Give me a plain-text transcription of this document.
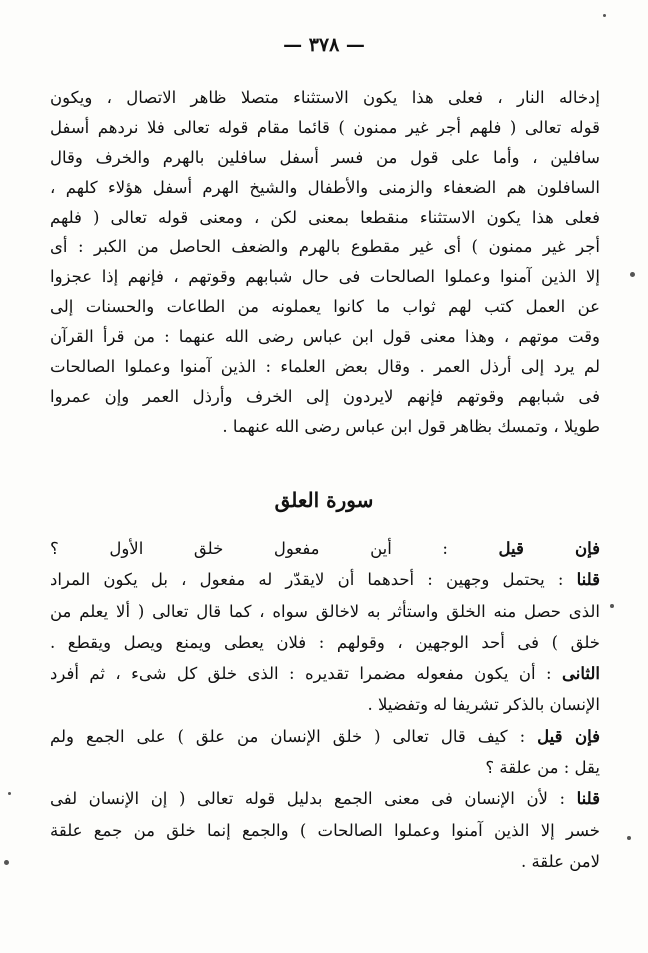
— ٣٧٨ —
إدخاله النار ، فعلى هذا يكون الاستثناء متصلا ظاهر الاتصال ، ويكون
قوله تعالى ( فلهم أجر غير ممنون ) قائما مقام قوله تعالى فلا نردهم أسفل
سافلين ، وأما على قول من فسر أسفل سافلين بالهرم والخرف وقال
السافلون هم الضعفاء والزمنى والأطفال والشيخ الهرم أسفل هؤلاء كلهم ،
فعلى هذا يكون الاستثناء منقطعا بمعنى لكن ، ومعنى قوله تعالى ( فلهم
أجر غير ممنون ) أى غير مقطوع بالهرم والضعف الحاصل من الكبر : أى
إلا الذين آمنوا وعملوا الصالحات فى حال شبابهم وقوتهم ، فإنهم إذا عجزوا
عن العمل كتب لهم ثواب ما كانوا يعملونه من الطاعات والحسنات إلى
وقت موتهم ، وهذا معنى قول ابن عباس رضى الله عنهما : من قرأ القرآن
لم يرد إلى أرذل العمر . وقال بعض العلماء : الذين آمنوا وعملوا الصالحات
فى شبابهم وقوتهم فإنهم لايردون إلى الخرف وأرذل العمر وإن عمروا
طويلا ، وتمسك بظاهر قول ابن عباس رضى الله عنهما .
سورة العلق
فإن قيل : أين مفعول خلق الأول ؟
قلنا : يحتمل وجهين : أحدهما أن لايقدّر له مفعول ، بل يكون المراد
الذى حصل منه الخلق واستأثر به لاخالق سواه ، كما قال تعالى ( ألا يعلم من
خلق ) فى أحد الوجهين ، وقولهم : فلان يعطى ويمنع ويصل ويقطع .
الثانى : أن يكون مفعوله مضمرا تقديره : الذى خلق كل شىء ، ثم أفرد
الإنسان بالذكر تشريفا له وتفضيلا .
فإن قيل : كيف قال تعالى ( خلق الإنسان من علق ) على الجمع ولم
يقل : من علقة ؟
قلنا : لأن الإنسان فى معنى الجمع بدليل قوله تعالى ( إن الإنسان لفى
خسر إلا الذين آمنوا وعملوا الصالحات ) والجمع إنما خلق من جمع علقة
لامن علقة .
